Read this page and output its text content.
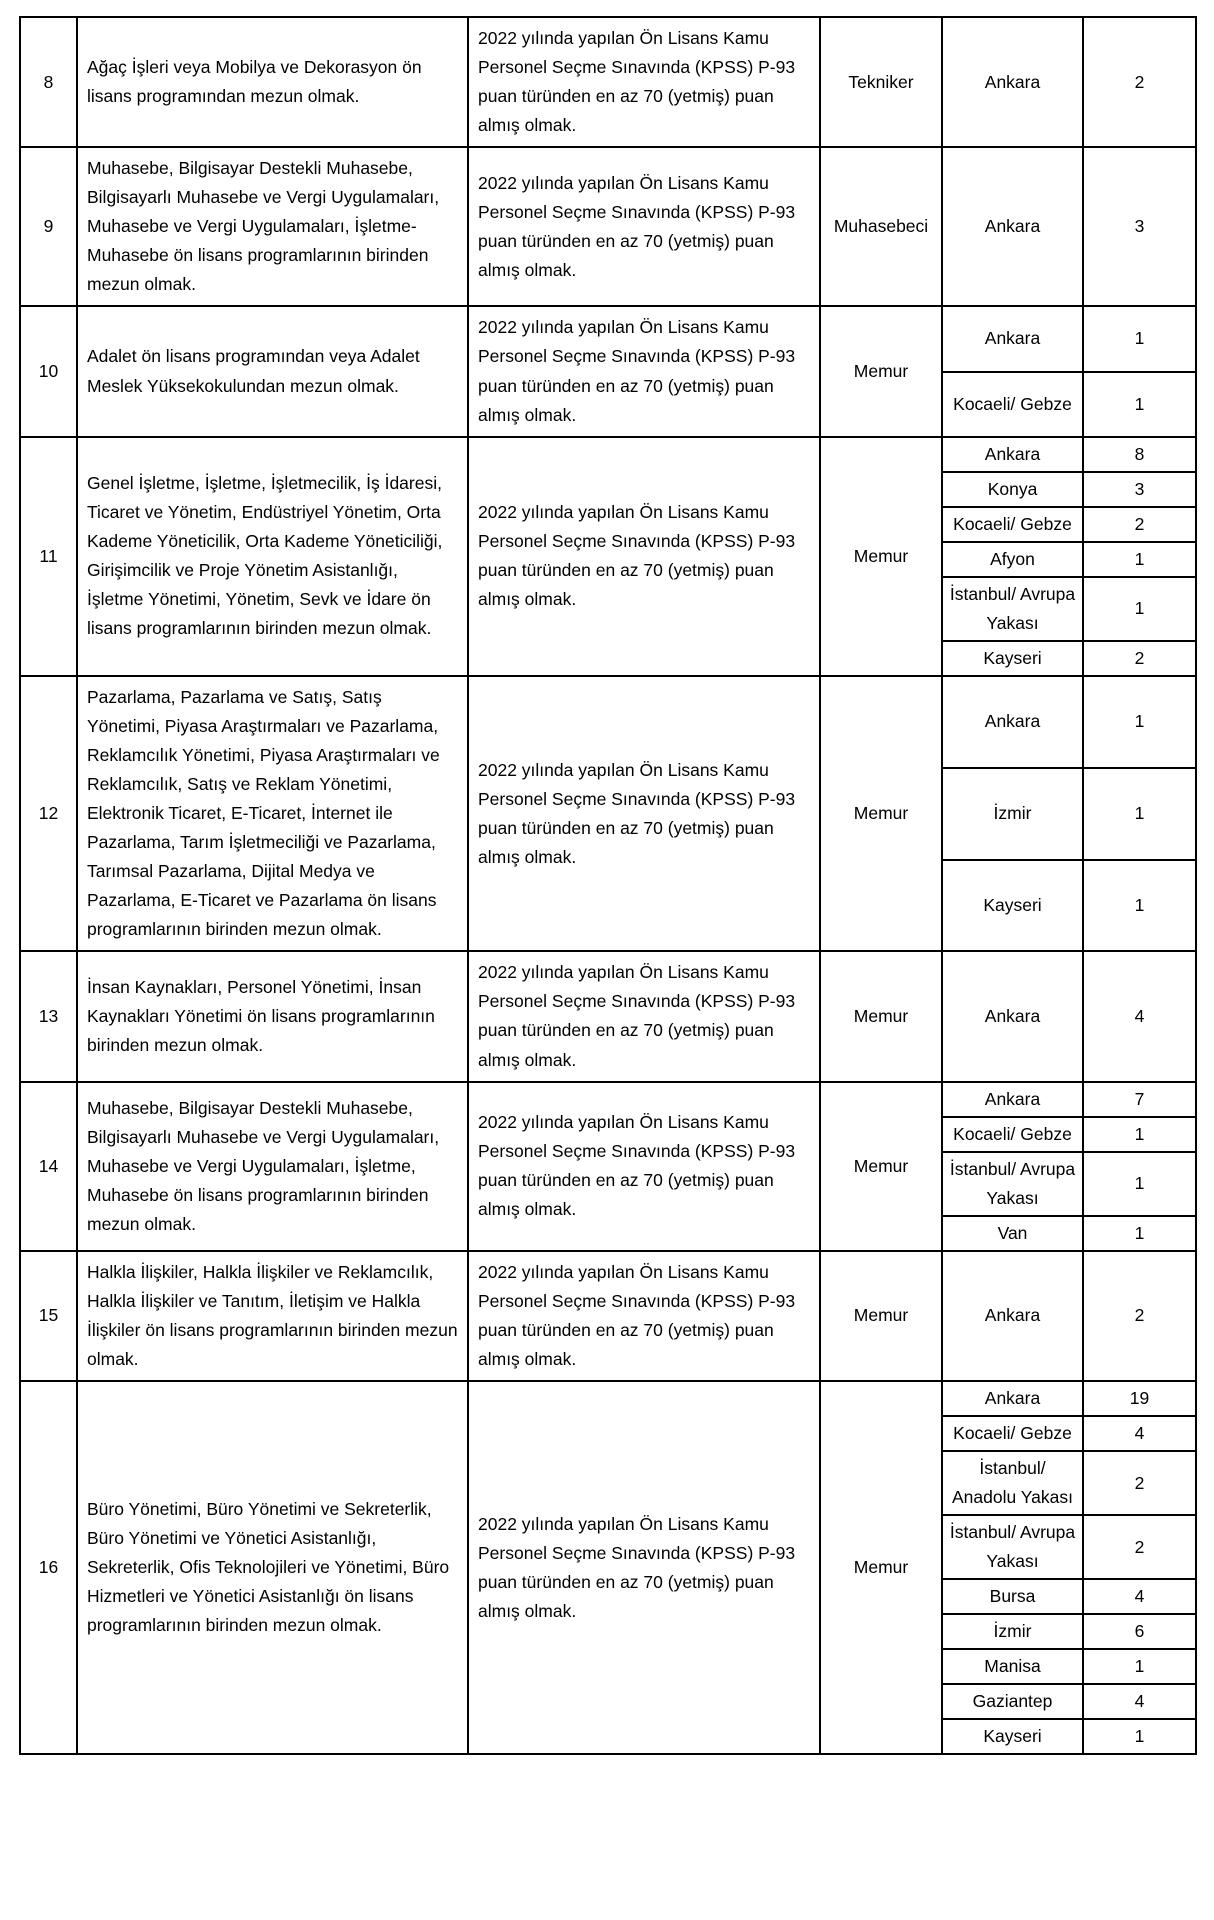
8	Ağaç İşleri veya Mobilya ve Dekorasyon ön lisans programından mezun olmak.	2022 yılında yapılan Ön Lisans Kamu Personel Seçme Sınavında (KPSS) P-93 puan türünden en az 70 (yetmiş) puan almış olmak.	Tekniker	Ankara	2
9	Muhasebe, Bilgisayar Destekli Muhasebe, Bilgisayarlı Muhasebe ve Vergi Uygulamaları, Muhasebe ve Vergi Uygulamaları, İşletme- Muhasebe ön lisans programlarının birinden mezun olmak.	2022 yılında yapılan Ön Lisans Kamu Personel Seçme Sınavında (KPSS) P-93 puan türünden en az 70 (yetmiş) puan almış olmak.	Muhasebeci	Ankara	3
10	Adalet ön lisans programından veya Adalet Meslek Yüksekokulundan mezun olmak.	2022 yılında yapılan Ön Lisans Kamu Personel Seçme Sınavında (KPSS) P-93 puan türünden en az 70 (yetmiş) puan almış olmak.	Memur	Ankara	1
				Kocaeli/ Gebze	1
11	Genel İşletme, İşletme, İşletmecilik, İş İdaresi, Ticaret ve Yönetim, Endüstriyel Yönetim, Orta Kademe Yöneticilik, Orta Kademe Yöneticiliği, Girişimcilik ve Proje Yönetim Asistanlığı, İşletme Yönetimi, Yönetim, Sevk ve İdare ön lisans programlarının birinden mezun olmak.	2022 yılında yapılan Ön Lisans Kamu Personel Seçme Sınavında (KPSS) P-93 puan türünden en az 70 (yetmiş) puan almış olmak.	Memur	Ankara	8
				Konya	3
				Kocaeli/ Gebze	2
				Afyon	1
				İstanbul/ Avrupa Yakası	1
				Kayseri	2
12	Pazarlama, Pazarlama ve Satış, Satış Yönetimi, Piyasa Araştırmaları ve Pazarlama, Reklamcılık Yönetimi, Piyasa Araştırmaları ve Reklamcılık, Satış ve Reklam Yönetimi, Elektronik Ticaret, E-Ticaret, İnternet ile Pazarlama, Tarım İşletmeciliği ve Pazarlama, Tarımsal Pazarlama, Dijital Medya ve Pazarlama, E-Ticaret ve Pazarlama ön lisans programlarının birinden mezun olmak.	2022 yılında yapılan Ön Lisans Kamu Personel Seçme Sınavında (KPSS) P-93 puan türünden en az 70 (yetmiş) puan almış olmak.	Memur	Ankara	1
				İzmir	1
				Kayseri	1
13	İnsan Kaynakları, Personel Yönetimi, İnsan Kaynakları Yönetimi ön lisans programlarının birinden mezun olmak.	2022 yılında yapılan Ön Lisans Kamu Personel Seçme Sınavında (KPSS) P-93 puan türünden en az 70 (yetmiş) puan almış olmak.	Memur	Ankara	4
14	Muhasebe, Bilgisayar Destekli Muhasebe, Bilgisayarlı Muhasebe ve Vergi Uygulamaları, Muhasebe ve Vergi Uygulamaları, İşletme, Muhasebe ön lisans programlarının birinden mezun olmak.	2022 yılında yapılan Ön Lisans Kamu Personel Seçme Sınavında (KPSS) P-93 puan türünden en az 70 (yetmiş) puan almış olmak.	Memur	Ankara	7
				Kocaeli/ Gebze	1
				İstanbul/ Avrupa Yakası	1
				Van	1
15	Halkla İlişkiler, Halkla İlişkiler ve Reklamcılık, Halkla İlişkiler ve Tanıtım, İletişim ve Halkla İlişkiler ön lisans programlarının birinden mezun olmak.	2022 yılında yapılan Ön Lisans Kamu Personel Seçme Sınavında (KPSS) P-93 puan türünden en az 70 (yetmiş) puan almış olmak.	Memur	Ankara	2
16	Büro Yönetimi, Büro Yönetimi ve Sekreterlik, Büro Yönetimi ve Yönetici Asistanlığı, Sekreterlik, Ofis Teknolojileri ve Yönetimi, Büro Hizmetleri ve Yönetici Asistanlığı ön lisans programlarının birinden mezun olmak.	2022 yılında yapılan Ön Lisans Kamu Personel Seçme Sınavında (KPSS) P-93 puan türünden en az 70 (yetmiş) puan almış olmak.	Memur	Ankara	19
				Kocaeli/ Gebze	4
				İstanbul/ Anadolu Yakası	2
				İstanbul/ Avrupa Yakası	2
				Bursa	4
				İzmir	6
				Manisa	1
				Gaziantep	4
				Kayseri	1
